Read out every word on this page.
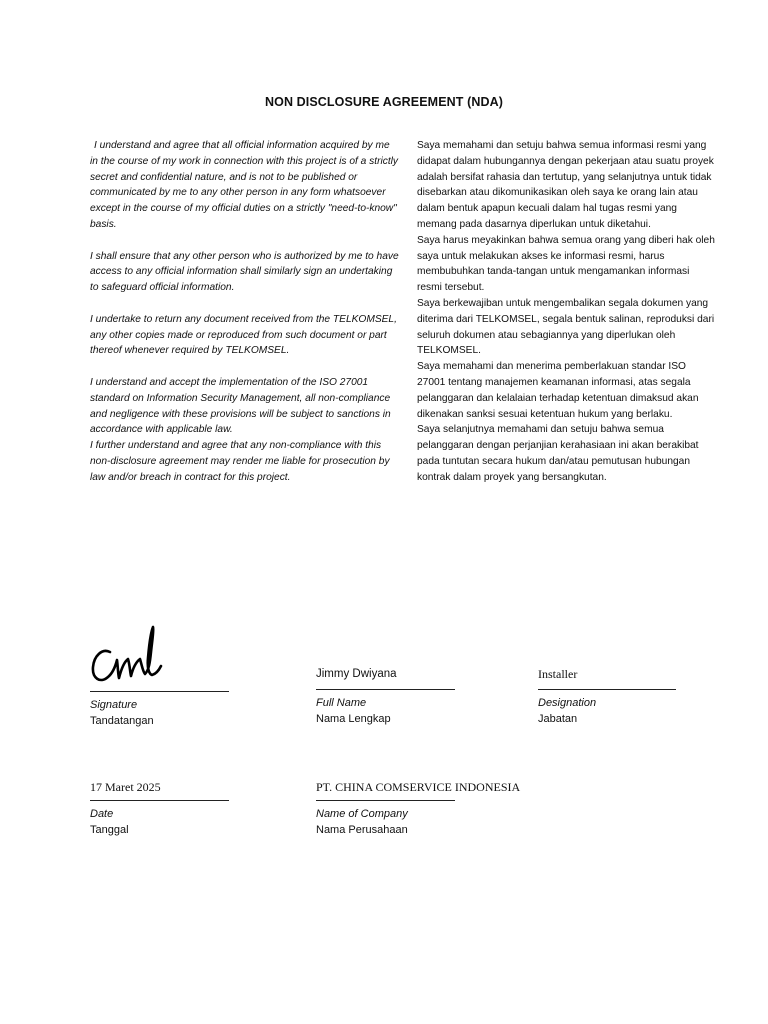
NON DISCLOSURE AGREEMENT (NDA)

I understand and agree that all official information acquired by me in the course of my work in connection with this project is of a strictly secret and confidential nature, and is not to be published or communicated by me to any other person in any form whatsoever except in the course of my official duties on a strictly "need-to-know" basis.

I shall ensure that any other person who is authorized by me to have access to any official information shall similarly sign an undertaking to safeguard official information.

I undertake to return any document received from the TELKOMSEL, any other copies made or reproduced from such document or part thereof whenever required by TELKOMSEL.

I understand and accept the implementation of the ISO 27001 standard on Information Security Management, all non-compliance and negligence with these provisions will be subject to sanctions in accordance with applicable law.

I further understand and agree that any non-compliance with this non-disclosure agreement may render me liable for prosecution by law and/or breach in contract for this project.

Saya memahami dan setuju bahwa semua informasi resmi yang didapat dalam hubungannya dengan pekerjaan atau suatu proyek adalah bersifat rahasia dan tertutup, yang selanjutnya untuk tidak disebarkan atau dikomunikasikan oleh saya ke orang lain atau dalam bentuk apapun kecuali dalam hal tugas resmi yang memang pada dasarnya diperlukan untuk diketahui.

Saya harus meyakinkan bahwa semua orang yang diberi hak oleh saya untuk melakukan akses ke informasi resmi, harus membubuhkan tanda-tangan untuk mengamankan informasi resmi tersebut.

Saya berkewajiban untuk mengembalikan segala dokumen yang diterima dari TELKOMSEL, segala bentuk salinan, reproduksi dari seluruh dokumen atau sebagiannya yang diperlukan oleh TELKOMSEL.

Saya memahami dan menerima pemberlakuan standar ISO 27001 tentang manajemen keamanan informasi, atas segala pelanggaran dan kelalaian terhadap ketentuan dimaksud akan dikenakan sanksi sesuai ketentuan hukum yang berlaku.

Saya selanjutnya memahami dan setuju bahwa semua pelanggaran dengan perjanjian kerahasiaan ini akan berakibat pada tuntutan secara hukum dan/atau pemutusan hubungan kontrak dalam proyek yang bersangkutan.

Signature
Tandatangan
Jimmy Dwiyana
Full Name
Nama Lengkap
Installer
Designation
Jabatan
17 Maret 2025
Date
Tanggal
PT. CHINA COMSERVICE INDONESIA
Name of Company
Nama Perusahaan
